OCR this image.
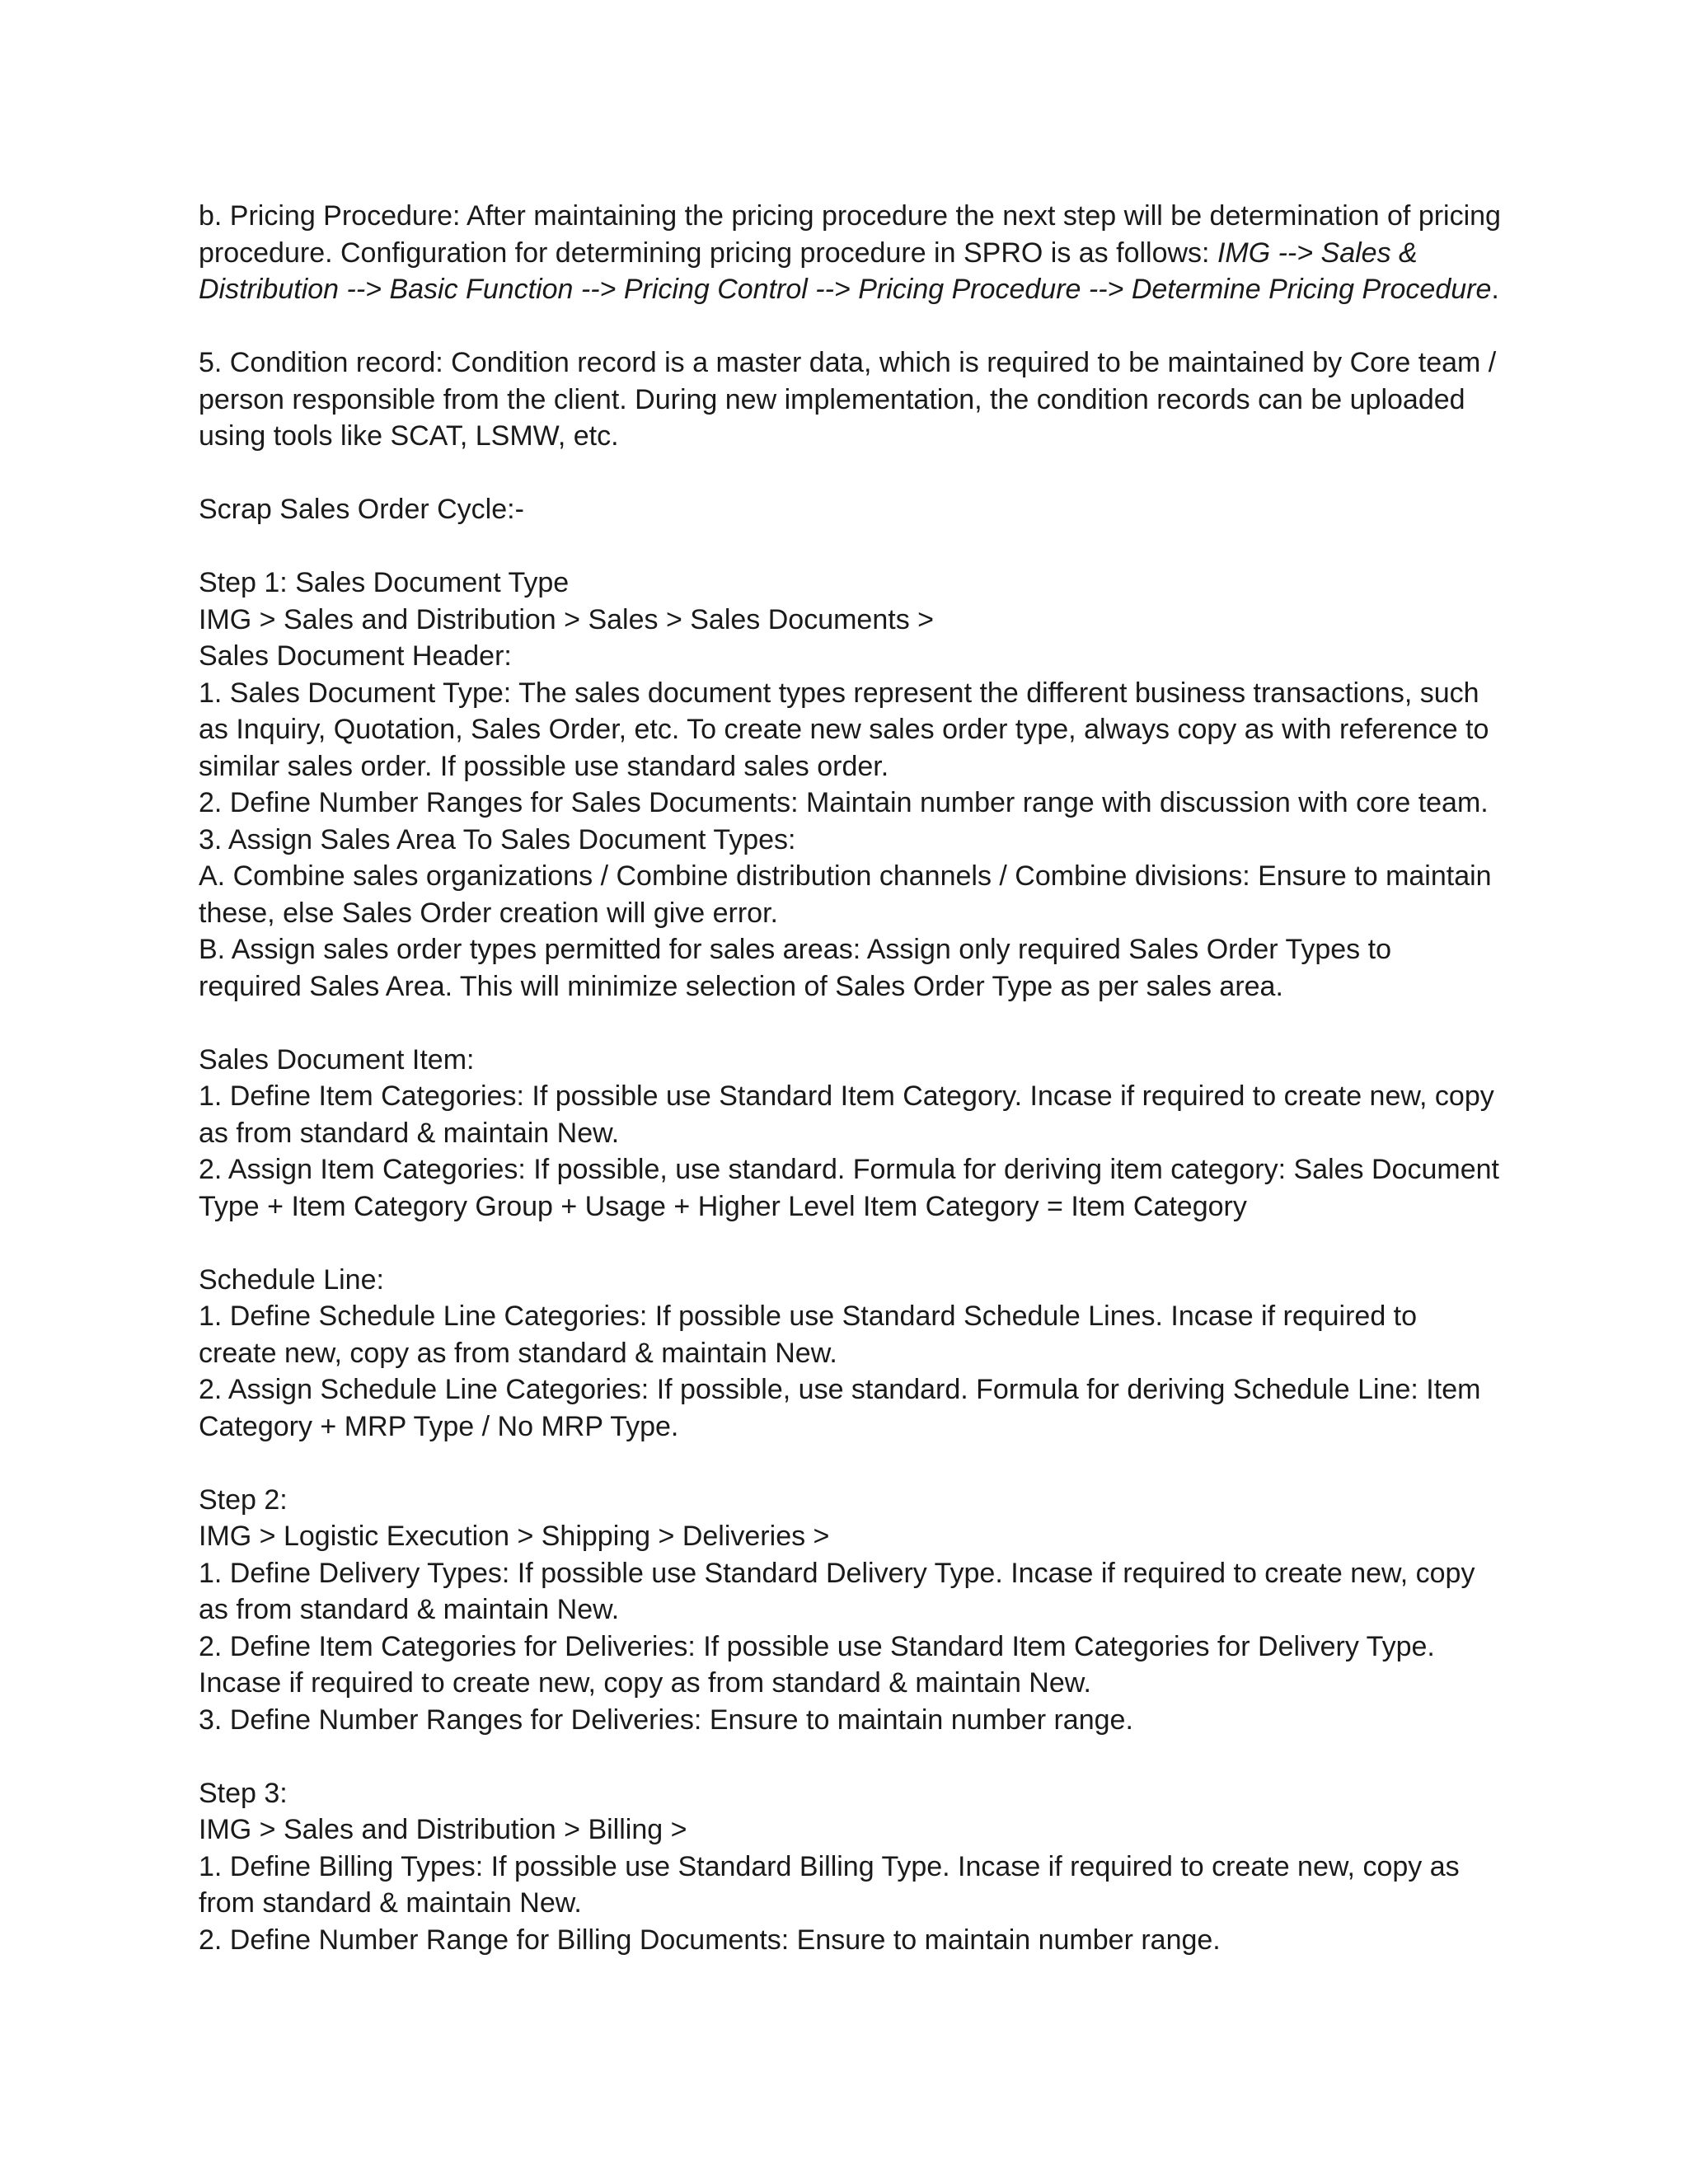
b. Pricing Procedure: After maintaining the pricing procedure the next step will be determination of pricing procedure. Configuration for determining pricing procedure in SPRO is as follows: IMG --> Sales & Distribution --> Basic Function --> Pricing Control --> Pricing Procedure --> Determine Pricing Procedure.

5. Condition record: Condition record is a master data, which is required to be maintained by Core team / person responsible from the client. During new implementation, the condition records can be uploaded using tools like SCAT, LSMW, etc.

Scrap Sales Order Cycle:-

Step 1: Sales Document Type

IMG > Sales and Distribution > Sales > Sales Documents >

Sales Document Header:

1. Sales Document Type: The sales document types represent the different business transactions, such as Inquiry, Quotation, Sales Order, etc. To create new sales order type, always copy as with reference to similar sales order. If possible use standard sales order.

2. Define Number Ranges for Sales Documents: Maintain number range with discussion with core team.

3. Assign Sales Area To Sales Document Types:

A. Combine sales organizations / Combine distribution channels / Combine divisions: Ensure to maintain these, else Sales Order creation will give error.

B. Assign sales order types permitted for sales areas: Assign only required Sales Order Types to required Sales Area. This will minimize selection of Sales Order Type as per sales area.

Sales Document Item:

1. Define Item Categories: If possible use Standard Item Category. Incase if required to create new, copy as from standard & maintain New.

2. Assign Item Categories: If possible, use standard. Formula for deriving item category: Sales Document Type + Item Category Group + Usage + Higher Level Item Category = Item Category

Schedule Line:

1. Define Schedule Line Categories: If possible use Standard Schedule Lines. Incase if required to create new, copy as from standard & maintain New.

2. Assign Schedule Line Categories: If possible, use standard. Formula for deriving Schedule Line: Item Category + MRP Type / No MRP Type.

Step 2:

IMG > Logistic Execution > Shipping > Deliveries >

1. Define Delivery Types: If possible use Standard Delivery Type. Incase if required to create new, copy as from standard & maintain New.

2. Define Item Categories for Deliveries: If possible use Standard Item Categories for Delivery Type. Incase if required to create new, copy as from standard & maintain New.

3. Define Number Ranges for Deliveries: Ensure to maintain number range.

Step 3:

IMG > Sales and Distribution > Billing >

1. Define Billing Types: If possible use Standard Billing Type. Incase if required to create new, copy as from standard & maintain New.

2. Define Number Range for Billing Documents: Ensure to maintain number range.
